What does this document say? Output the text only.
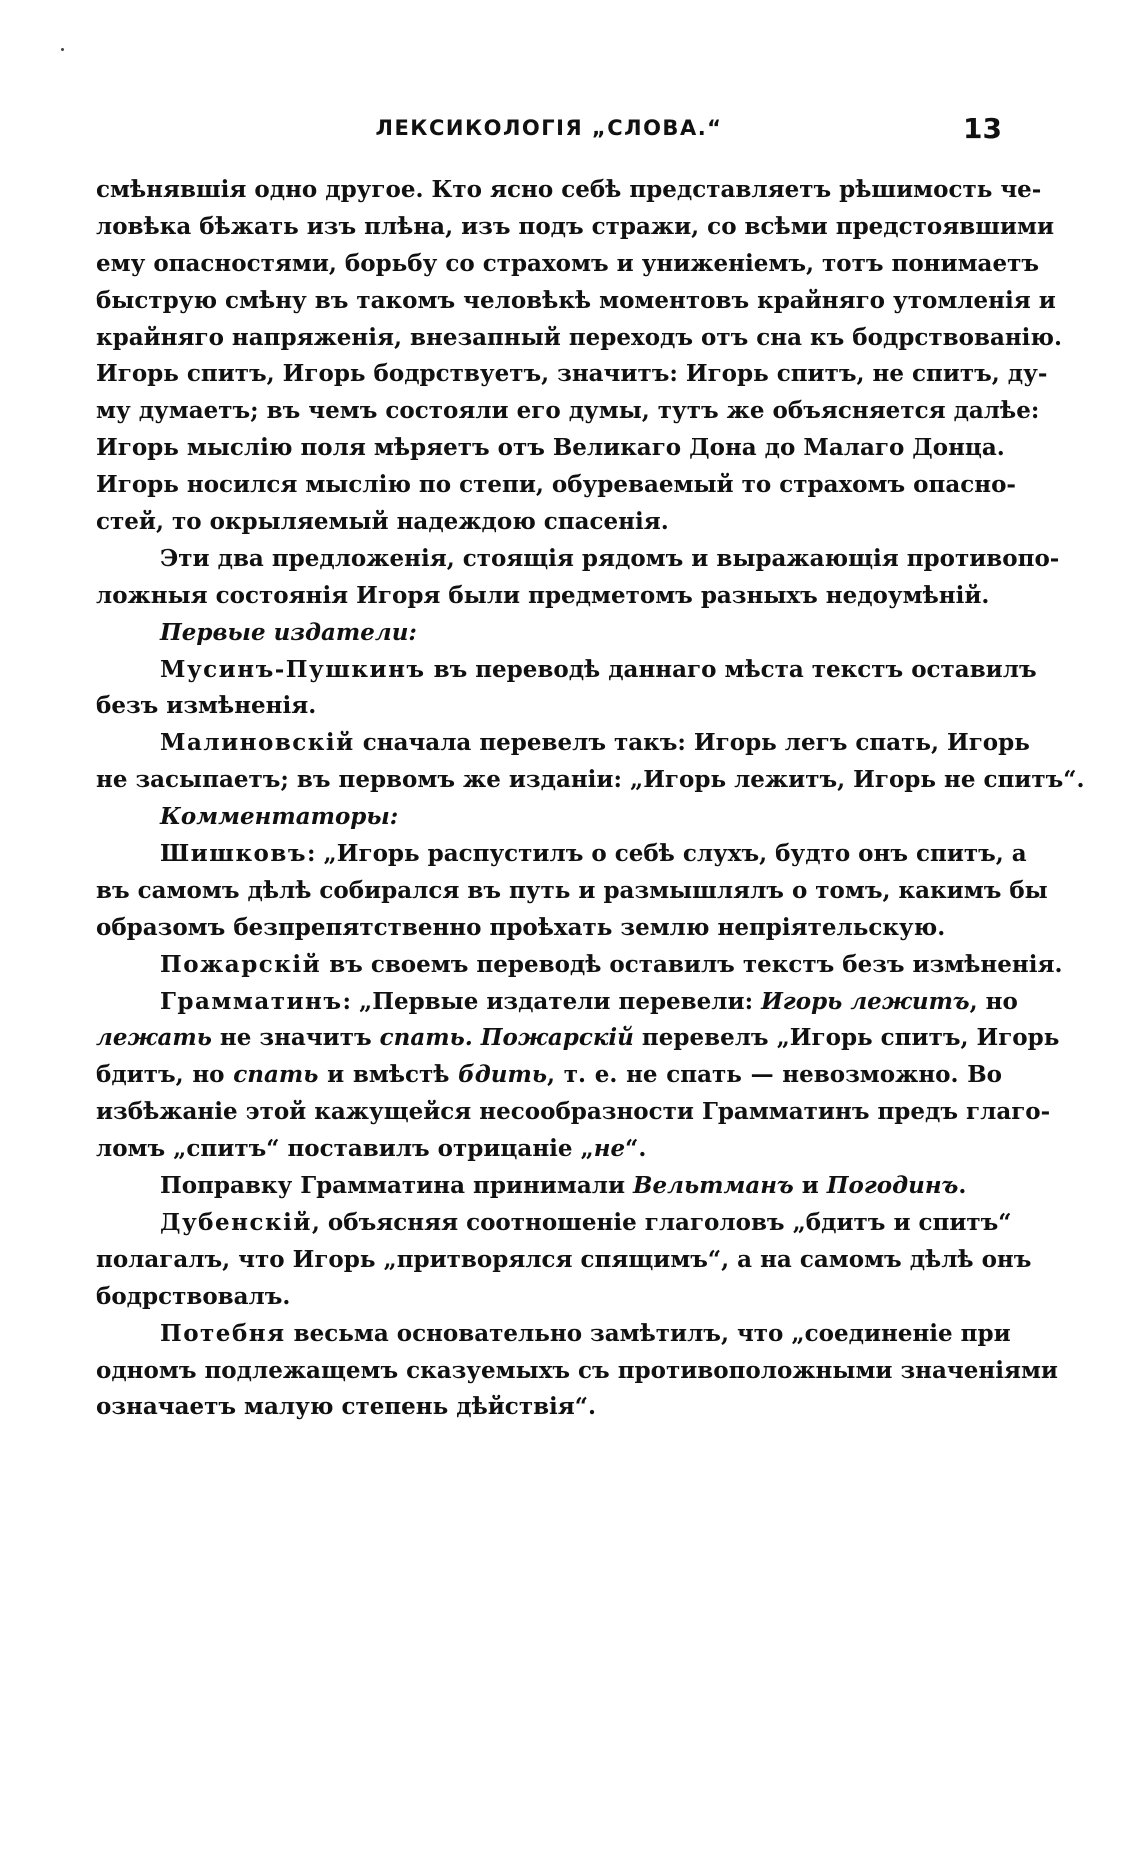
ЛЕКСИКОЛОГІЯ „СЛОВА.“	13
смѣнявшія одно другое. Кто ясно себѣ представляетъ рѣшимость че-
ловѣка бѣжать изъ плѣна, изъ подъ стражи, со всѣми предстоявшими
ему опасностями, борьбу со страхомъ и униженіемъ, тотъ понимаетъ
быструю смѣну въ такомъ человѣкѣ моментовъ крайняго утомленія и
крайняго напряженія, внезапный переходъ отъ сна къ бодрствованію.
Игорь спитъ, Игорь бодрствуетъ, значитъ: Игорь спитъ, не спитъ, ду-
му думаетъ; въ чемъ состояли его думы, тутъ же объясняется далѣе:
Игорь мыслію поля мѣряетъ отъ Великаго Дона до Малаго Донца.
Игорь носился мыслію по степи, обуреваемый то страхомъ опасно-
стей, то окрыляемый надеждою спасенія.
Эти два предложенія, стоящія рядомъ и выражающія противопо-
ложныя состоянія Игоря были предметомъ разныхъ недоумѣній.
Первые издатели:
Мусинъ-Пушкинъ въ переводѣ даннаго мѣста текстъ оставилъ
безъ измѣненія.
Малиновскій сначала перевелъ такъ: Игорь легъ спать, Игорь
не засыпаетъ; въ первомъ же изданіи: „Игорь лежитъ, Игорь не спитъ“.
Комментаторы:
Шишковъ: „Игорь распустилъ о себѣ слухъ, будто онъ спитъ, а
въ самомъ дѣлѣ собирался въ путь и размышлялъ о томъ, какимъ бы
образомъ безпрепятственно проѣхать землю непріятельскую.
Пожарскій въ своемъ переводѣ оставилъ текстъ безъ измѣненія.
Грамматинъ: „Первые издатели перевели: Игорь лежитъ, но
лежать не значитъ спать. Пожарскій перевелъ „Игорь спитъ, Игорь
бдитъ, но спать и вмѣстѣ бдить, т. е. не спать — невозможно. Во
избѣжаніе этой кажущейся несообразности Грамматинъ предъ глаго-
ломъ „спитъ“ поставилъ отрицаніе „не“.
Поправку Грамматина принимали Вельтманъ и Погодинъ.
Дубенскій, объясняя соотношеніе глаголовъ „бдитъ и спитъ“
полагалъ, что Игорь „притворялся спящимъ“, а на самомъ дѣлѣ онъ
бодрствовалъ.
Потебня весьма основательно замѣтилъ, что „соединеніе при
одномъ подлежащемъ сказуемыхъ съ противоположными значеніями
означаетъ малую степень дѣйствія“.
